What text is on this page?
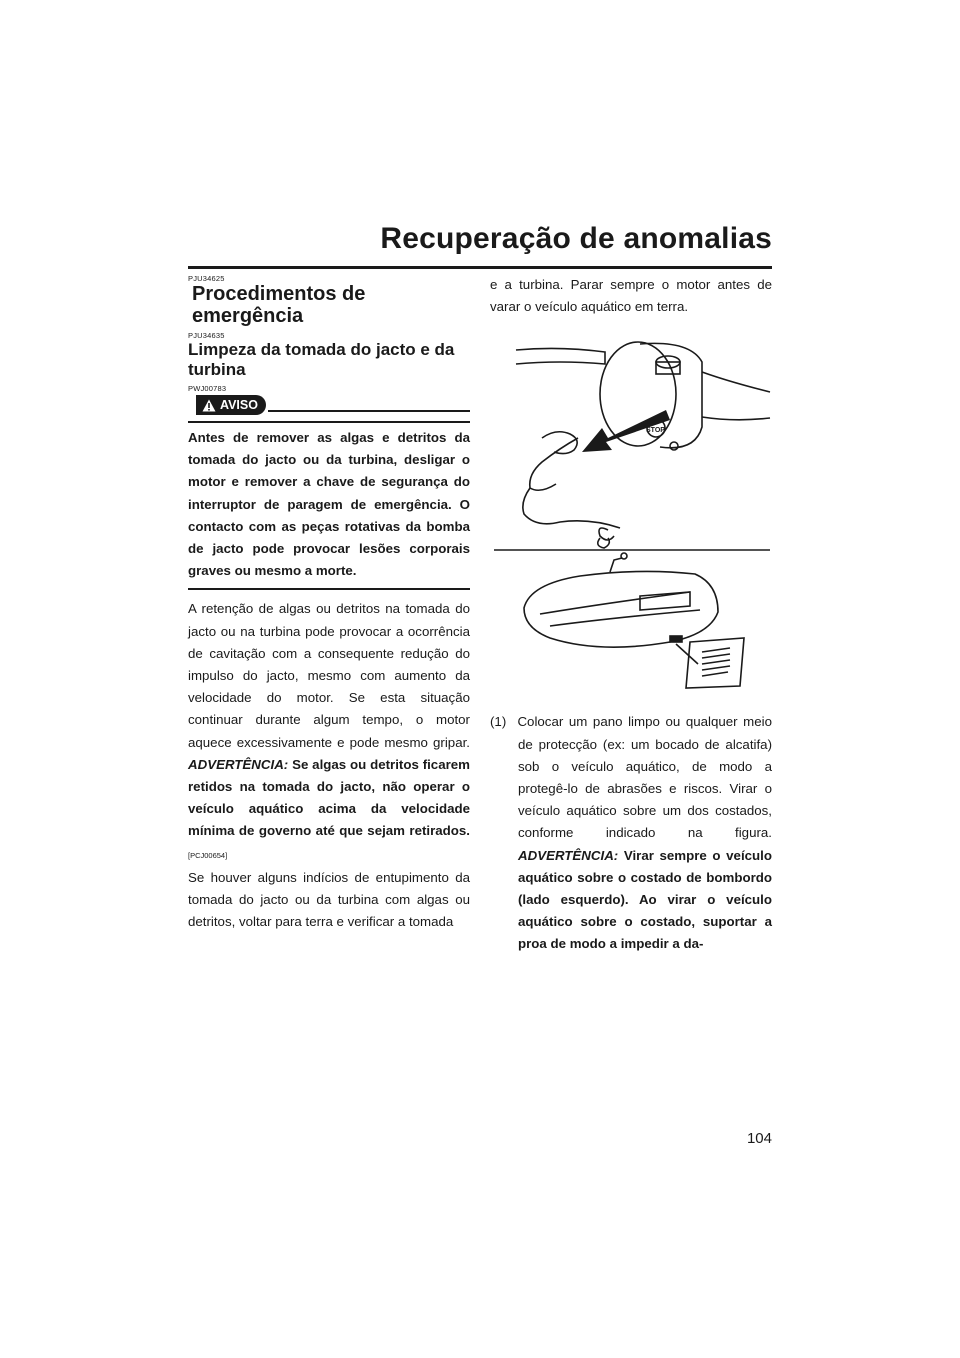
Recuperação de anomalias
PJU34625
Procedimentos de emergência
PJU34635
Limpeza da tomada do jacto e da turbina
PWJ00783
AVISO
Antes de remover as algas e detritos da tomada do jacto ou da turbina, desligar o motor e remover a chave de segurança do interruptor de paragem de emergência. O contacto com as peças rotativas da bomba de jacto pode provocar lesões corporais graves ou mesmo a morte.

A retenção de algas ou detritos na tomada do jacto ou na turbina pode provocar a ocorrência de cavitação com a consequente redução do impulso do jacto, mesmo com aumento da velocidade do motor. Se esta situação continuar durante algum tempo, o motor aquece excessivamente e pode mesmo gripar. ADVERTÊNCIA: Se algas ou detritos ficarem retidos na tomada do jacto, não operar o veículo aquático acima da velocidade mínima de governo até que sejam retirados. [PCJ00654]

Se houver alguns indícios de entupimento da tomada do jacto ou da turbina com algas ou detritos, voltar para terra e verificar a tomada

e a turbina. Parar sempre o motor antes de varar o veículo aquático em terra.

STOP
(1) Colocar um pano limpo ou qualquer meio de protecção (ex: um bocado de alcatifa) sob o veículo aquático, de modo a protegê-lo de abrasões e riscos. Virar o veículo aquático sobre um dos costados, conforme indicado na figura. ADVERTÊNCIA: Virar sempre o veículo aquático sobre o costado de bombordo (lado esquerdo). Ao virar o veículo aquático sobre o costado, suportar a proa de modo a impedir a da-
104
